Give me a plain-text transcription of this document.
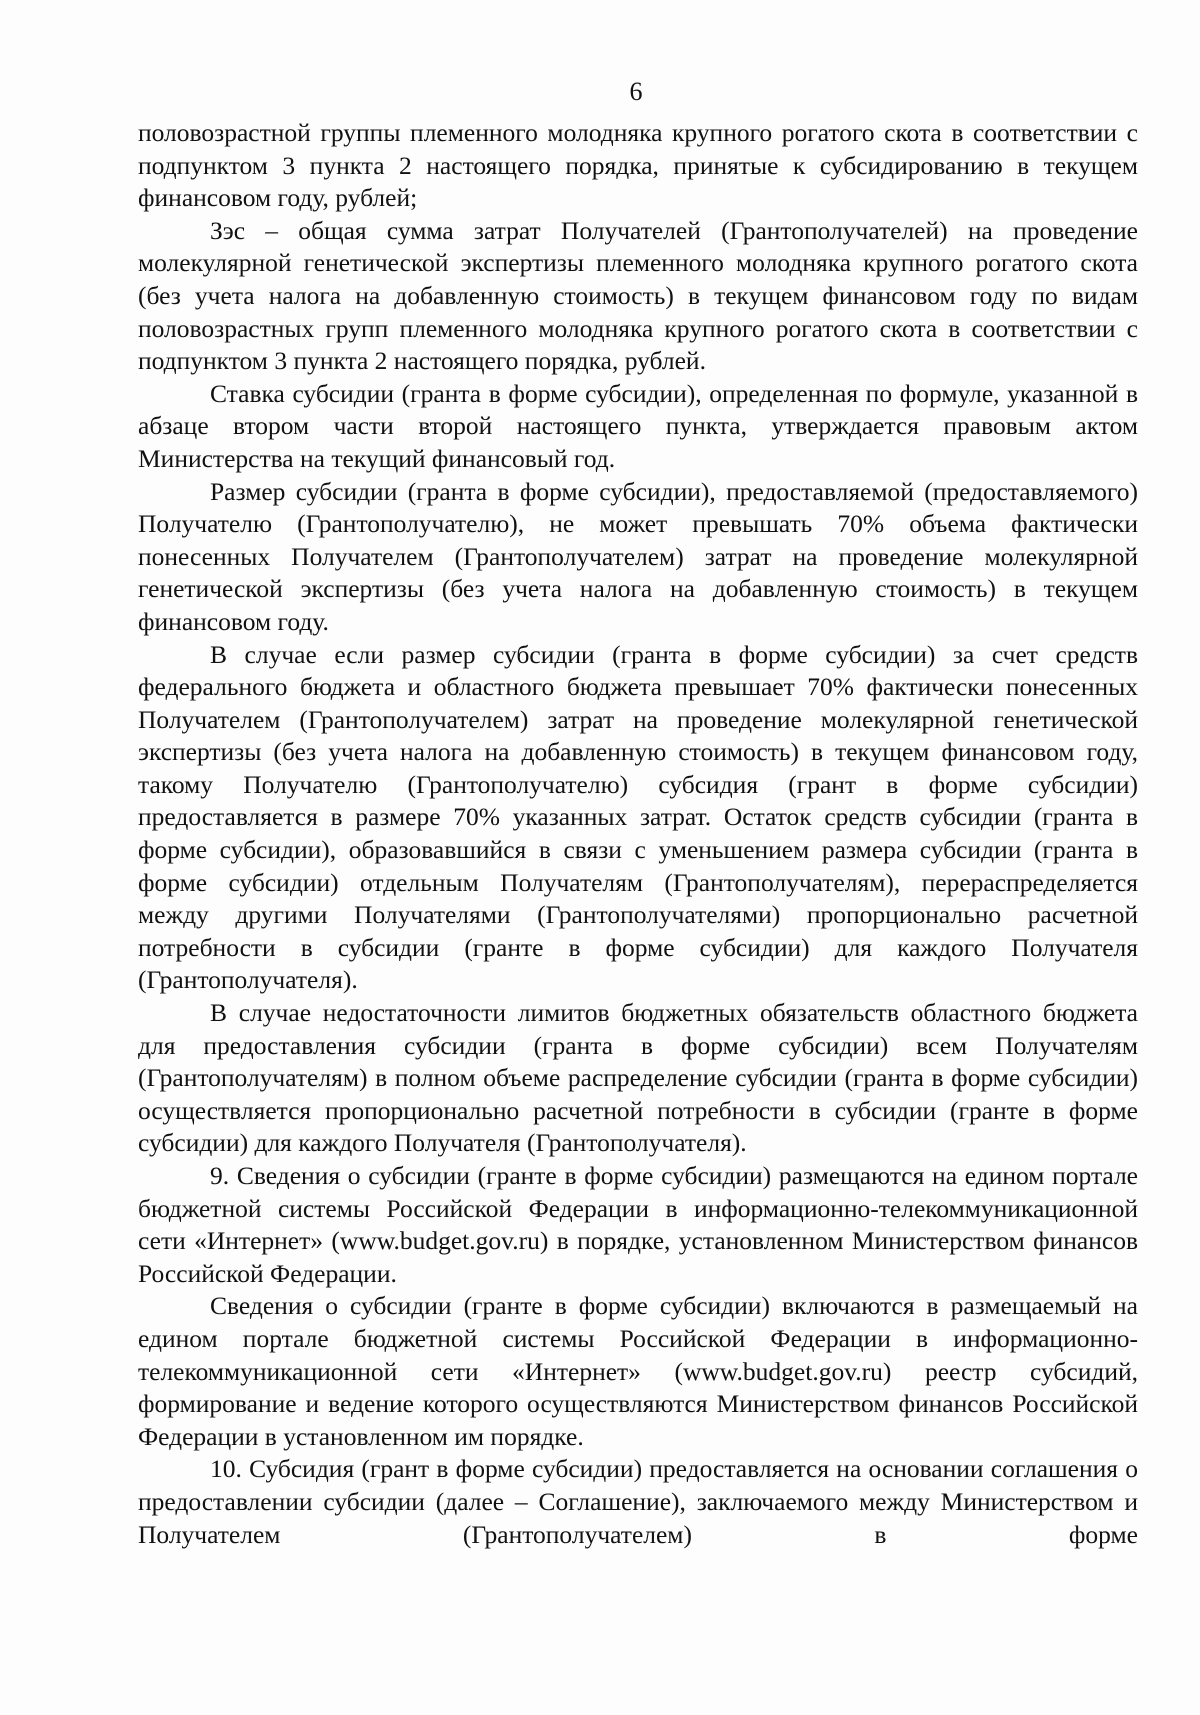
6

половозрастной группы племенного молодняка крупного рогатого скота в соответствии с подпунктом 3 пункта 2 настоящего порядка, принятые к субсидированию в текущем финансовом году, рублей;

Зэс – общая сумма затрат Получателей (Грантополучателей) на проведение молекулярной генетической экспертизы племенного молодняка крупного рогатого скота (без учета налога на добавленную стоимость) в текущем финансовом году по видам половозрастных групп племенного молодняка крупного рогатого скота в соответствии с подпунктом 3 пункта 2 настоящего порядка, рублей.

Ставка субсидии (гранта в форме субсидии), определенная по формуле, указанной в абзаце втором части второй настоящего пункта, утверждается правовым актом Министерства на текущий финансовый год.

Размер субсидии (гранта в форме субсидии), предоставляемой (предоставляемого) Получателю (Грантополучателю), не может превышать 70% объема фактически понесенных Получателем (Грантополучателем) затрат на проведение молекулярной генетической экспертизы (без учета налога на добавленную стоимость) в текущем финансовом году.

В случае если размер субсидии (гранта в форме субсидии) за счет средств федерального бюджета и областного бюджета превышает 70% фактически понесенных Получателем (Грантополучателем) затрат на проведение молекулярной генетической экспертизы (без учета налога на добавленную стоимость) в текущем финансовом году, такому Получателю (Грантополучателю) субсидия (грант в форме субсидии) предоставляется в размере 70% указанных затрат. Остаток средств субсидии (гранта в форме субсидии), образовавшийся в связи с уменьшением размера субсидии (гранта в форме субсидии) отдельным Получателям (Грантополучателям), перераспределяется между другими Получателями (Грантополучателями) пропорционально расчетной потребности в субсидии (гранте в форме субсидии) для каждого Получателя (Грантополучателя).

В случае недостаточности лимитов бюджетных обязательств областного бюджета для предоставления субсидии (гранта в форме субсидии) всем Получателям (Грантополучателям) в полном объеме распределение субсидии (гранта в форме субсидии) осуществляется пропорционально расчетной потребности в субсидии (гранте в форме субсидии) для каждого Получателя (Грантополучателя).

9. Сведения о субсидии (гранте в форме субсидии) размещаются на едином портале бюджетной системы Российской Федерации в информационно-телекоммуникационной сети «Интернет» (www.budget.gov.ru) в порядке, установленном Министерством финансов Российской Федерации.

Сведения о субсидии (гранте в форме субсидии) включаются в размещаемый на едином портале бюджетной системы Российской Федерации в информационно-телекоммуникационной сети «Интернет» (www.budget.gov.ru) реестр субсидий, формирование и ведение которого осуществляются Министерством финансов Российской Федерации в установленном им порядке.

10. Субсидия (грант в форме субсидии) предоставляется на основании соглашения о предоставлении субсидии (далее – Соглашение), заключаемого между Министерством и Получателем (Грантополучателем) в форме
